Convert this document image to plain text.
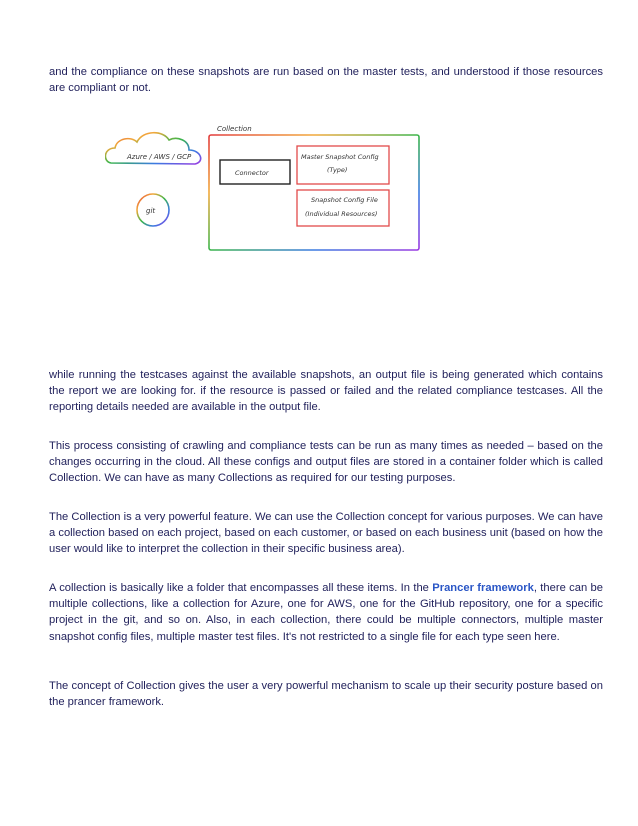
and the compliance on these snapshots are run based on the master tests, and understood if those resources are compliant or not.

Azure / AWS / GCP
git
Collection
Connector
Master Snapshot Config
(Type)
Snapshot Config File
(Individual Resources)

while running the testcases against the available snapshots, an output file is being generated which contains the report we are looking for. if the resource is passed or failed and the related compliance testcases. All the reporting details needed are available in the output file.

This process consisting of crawling and compliance tests can be run as many times as needed – based on the changes occurring in the cloud. All these configs and output files are stored in a container folder which is called Collection. We can have as many Collections as required for our testing purposes.

The Collection is a very powerful feature. We can use the Collection concept for various purposes. We can have a collection based on each project, based on each customer, or based on each business unit (based on how the user would like to interpret the collection in their specific business area).

A collection is basically like a folder that encompasses all these items. In the Prancer framework, there can be multiple collections, like a collection for Azure, one for AWS, one for the GitHub repository, one for a specific project in the git, and so on. Also, in each collection, there could be multiple connectors, multiple master snapshot config files, multiple master test files. It's not restricted to a single file for each type seen here.

The concept of Collection gives the user a very powerful mechanism to scale up their security posture based on the prancer framework.
